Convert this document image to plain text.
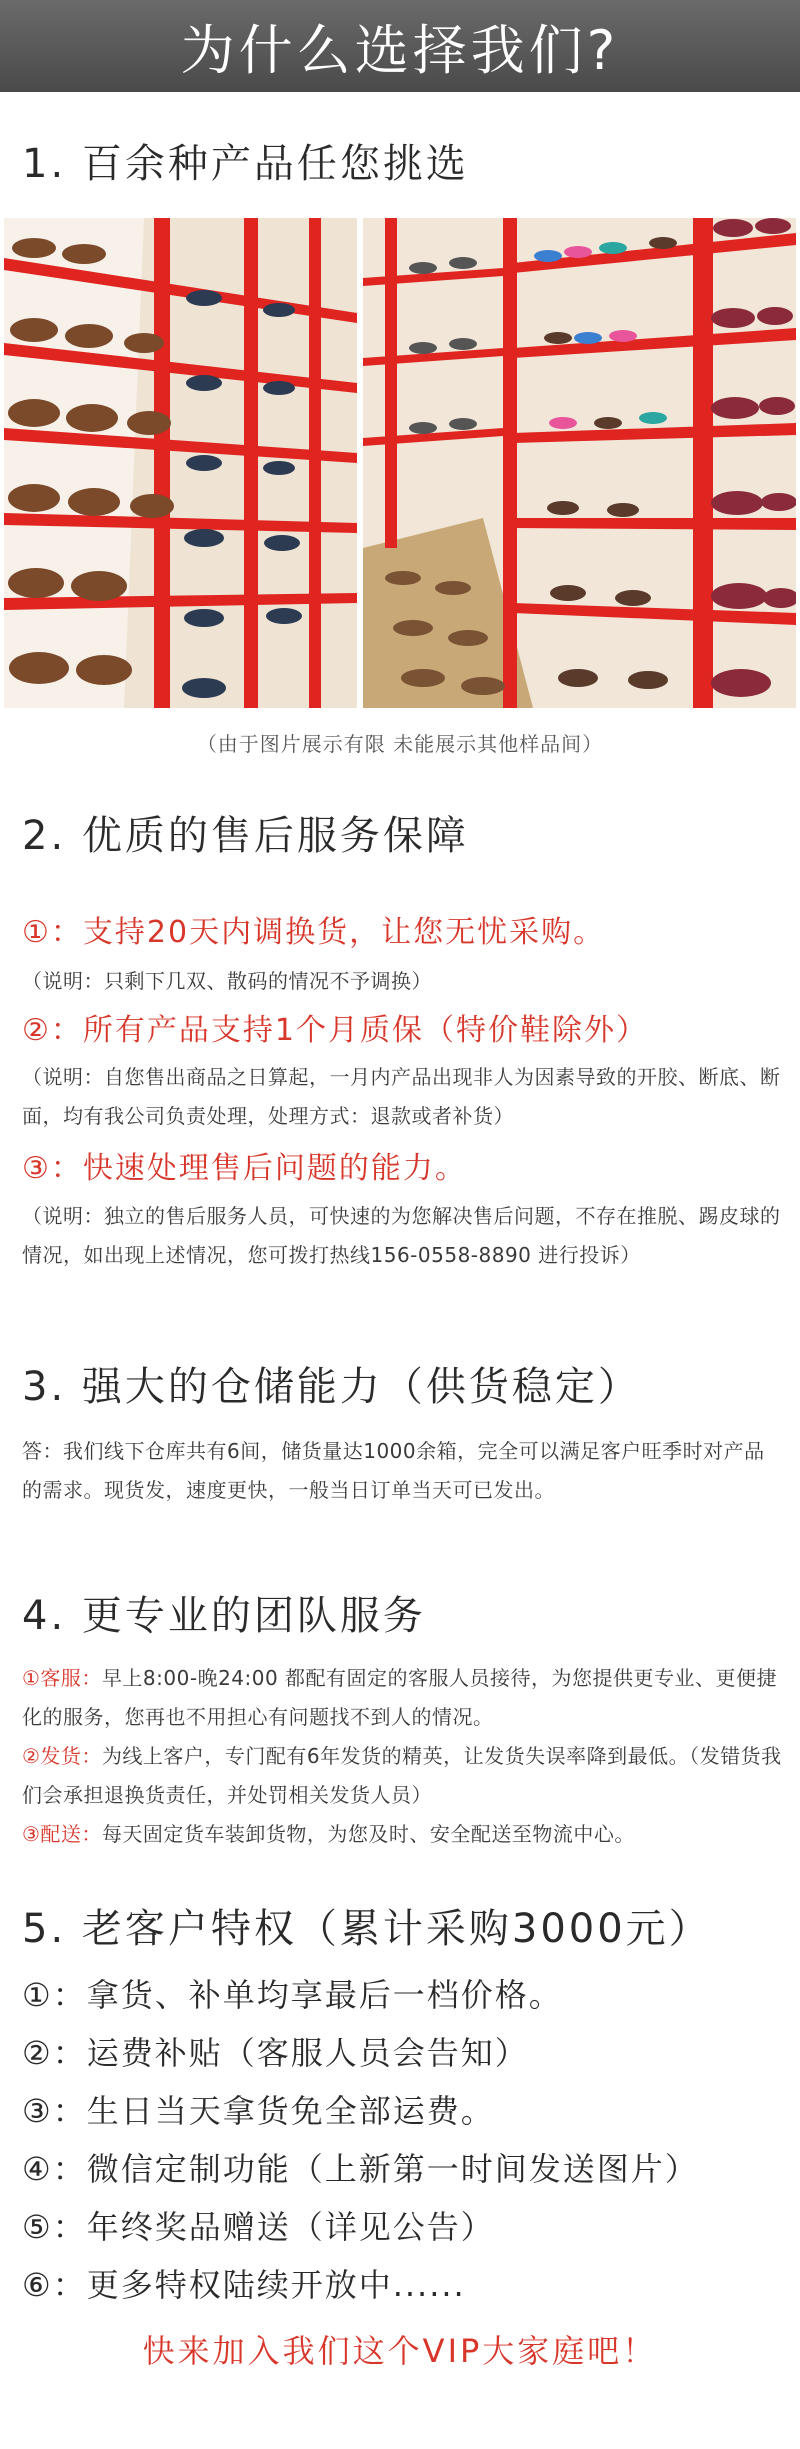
为什么选择我们?
1. 百余种产品任您挑选
（由于图片展示有限 未能展示其他样品间）
2. 优质的售后服务保障

①：支持20天内调换货，让您无忧采购。

（说明：只剩下几双、散码的情况不予调换）

②：所有产品支持1个月质保（特价鞋除外）

（说明：自您售出商品之日算起，一月内产品出现非人为因素导致的开胶、断底、断面，均有我公司负责处理，处理方式：退款或者补货）

③：快速处理售后问题的能力。

（说明：独立的售后服务人员，可快速的为您解决售后问题，不存在推脱、踢皮球的情况，如出现上述情况，您可拨打热线156-0558-8890 进行投诉）

3. 强大的仓储能力（供货稳定）

答：我们线下仓库共有6间，储货量达1000余箱，完全可以满足客户旺季时对产品的需求。现货发，速度更快，一般当日订单当天可已发出。

4. 更专业的团队服务
①客服：早上8:00-晚24:00 都配有固定的客服人员接待，为您提供更专业、更便捷化的服务，您再也不用担心有问题找不到人的情况。
②发货：为线上客户，专门配有6年发货的精英，让发货失误率降到最低。（发错货我们会承担退换货责任，并处罚相关发货人员）
③配送：每天固定货车装卸货物，为您及时、安全配送至物流中心。
5. 老客户特权（累计采购3000元）
①：拿货、补单均享最后一档价格。
②：运费补贴（客服人员会告知）
③：生日当天拿货免全部运费。
④：微信定制功能（上新第一时间发送图片）
⑤：年终奖品赠送（详见公告）
⑥：更多特权陆续开放中......
快来加入我们这个VIP大家庭吧！
